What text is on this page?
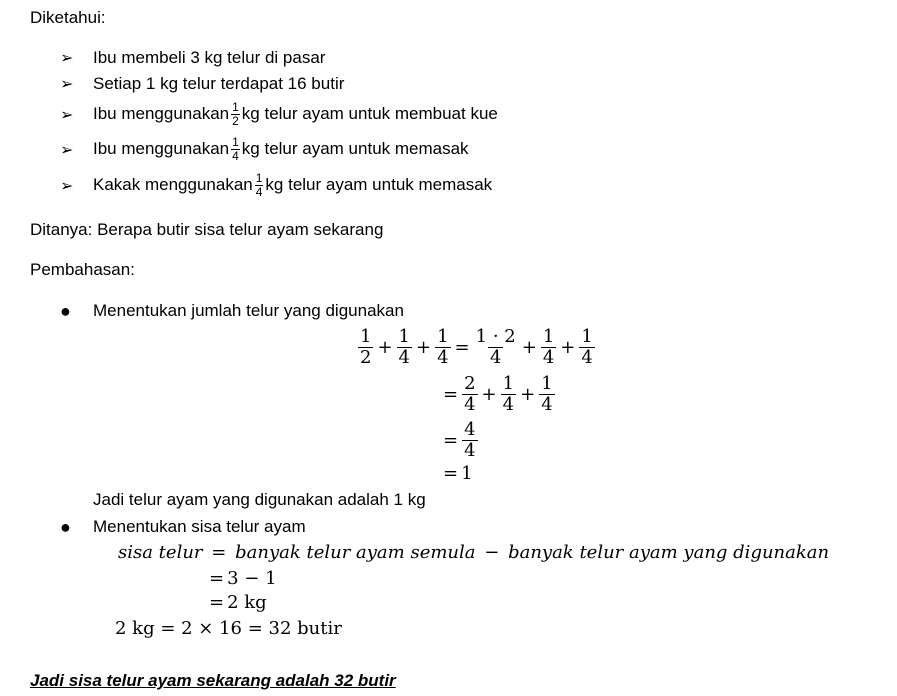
Diketahui:
➢ Ibu membeli 3 kg telur di pasar
➢ Setiap 1 kg telur terdapat 16 butir
➢ Ibu menggunakan $\frac{1}{2}$ kg telur ayam untuk membuat kue
➢ Ibu menggunakan $\frac{1}{4}$ kg telur ayam untuk memasak
➢ Kakak menggunakan $\frac{1}{4}$ kg telur ayam untuk memasak
Ditanya: Berapa butir sisa telur ayam sekarang
Pembahasan:
● Menentukan jumlah telur yang digunakan
$\frac{1}{2} + \frac{1}{4} + \frac{1}{4} = \frac{1 \cdot 2}{4} + \frac{1}{4} + \frac{1}{4}$
= $\frac{2}{4} + \frac{1}{4} + \frac{1}{4}$
= $\frac{4}{4}$
= 1
Jadi telur ayam yang digunakan adalah 1 kg
● Menentukan sisa telur ayam
sisa telur = banyak telur ayam semula − banyak telur ayam yang digunakan
= 3 − 1
= 2 kg
2 kg = 2 × 16 = 32 butir
Jadi sisa telur ayam sekarang adalah 32 butir
